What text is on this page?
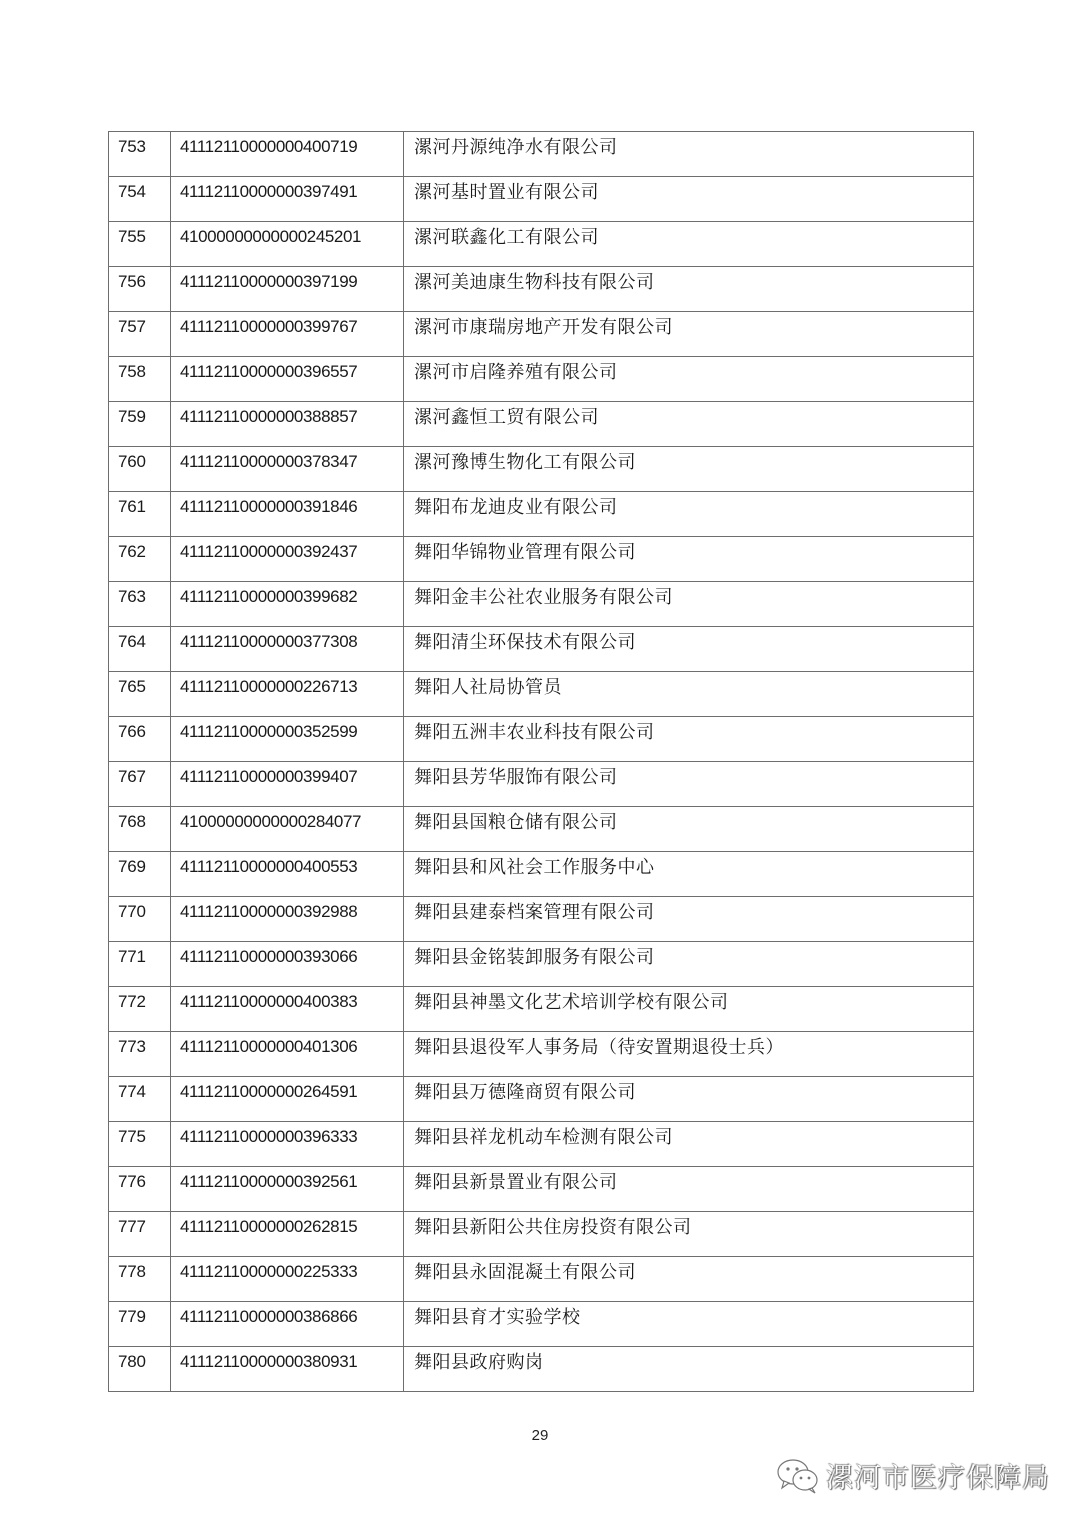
753	41112110000000400719	漯河丹源纯净水有限公司

754	41112110000000397491	漯河基时置业有限公司

755	41000000000000245201	漯河联鑫化工有限公司

756	41112110000000397199	漯河美迪康生物科技有限公司

757	41112110000000399767	漯河市康瑞房地产开发有限公司

758	41112110000000396557	漯河市启隆养殖有限公司

759	41112110000000388857	漯河鑫恒工贸有限公司

760	41112110000000378347	漯河豫博生物化工有限公司

761	41112110000000391846	舞阳布龙迪皮业有限公司

762	41112110000000392437	舞阳华锦物业管理有限公司

763	41112110000000399682	舞阳金丰公社农业服务有限公司

764	41112110000000377308	舞阳清尘环保技术有限公司

765	41112110000000226713	舞阳人社局协管员

766	41112110000000352599	舞阳五洲丰农业科技有限公司

767	41112110000000399407	舞阳县芳华服饰有限公司

768	41000000000000284077	舞阳县国粮仓储有限公司

769	41112110000000400553	舞阳县和风社会工作服务中心

770	41112110000000392988	舞阳县建泰档案管理有限公司

771	41112110000000393066	舞阳县金铭装卸服务有限公司

772	41112110000000400383	舞阳县神墨文化艺术培训学校有限公司

773	41112110000000401306	舞阳县退役军人事务局（待安置期退役士兵）

774	41112110000000264591	舞阳县万德隆商贸有限公司

775	41112110000000396333	舞阳县祥龙机动车检测有限公司

776	41112110000000392561	舞阳县新景置业有限公司

777	41112110000000262815	舞阳县新阳公共住房投资有限公司

778	41112110000000225333	舞阳县永固混凝土有限公司

779	41112110000000386866	舞阳县育才实验学校

780	41112110000000380931	舞阳县政府购岗
29
漯河市医疗保障局
